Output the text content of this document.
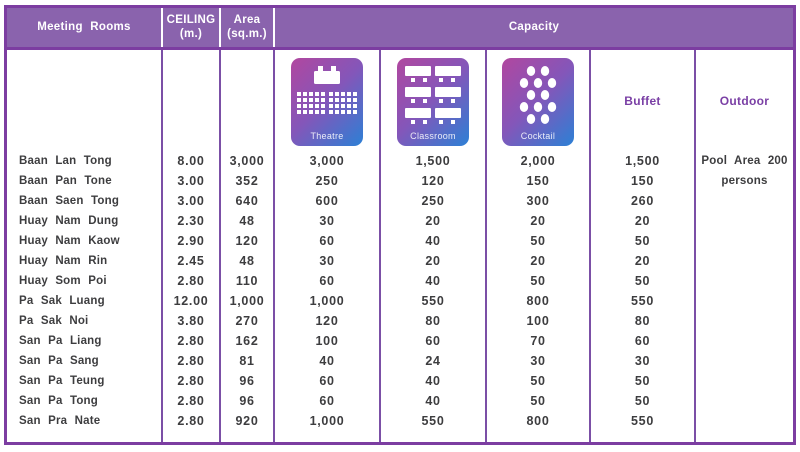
Meeting Rooms
CEILING
(m.)
Area
(sq.m.)
Capacity
Theatre	Classroom	Cocktail
Buffet	Outdoor
Baan Lan Tong	8.00	3,000	3,000	1,500	2,000	1,500	Pool Area 200
Baan Pan Tone	3.00	352	250	120	150	150	persons
Baan Saen Tong	3.00	640	600	250	300	260
Huay Nam Dung	2.30	48	30	20	20	20
Huay Nam Kaow	2.90	120	60	40	50	50
Huay Nam Rin	2.45	48	30	20	20	20
Huay Som Poi	2.80	110	60	40	50	50
Pa Sak Luang	12.00	1,000	1,000	550	800	550
Pa Sak Noi	3.80	270	120	80	100	80
San Pa Liang	2.80	162	100	60	70	60
San Pa Sang	2.80	81	40	24	30	30
San Pa Teung	2.80	96	60	40	50	50
San Pa Tong	2.80	96	60	40	50	50
San Pra Nate	2.80	920	1,000	550	800	550
